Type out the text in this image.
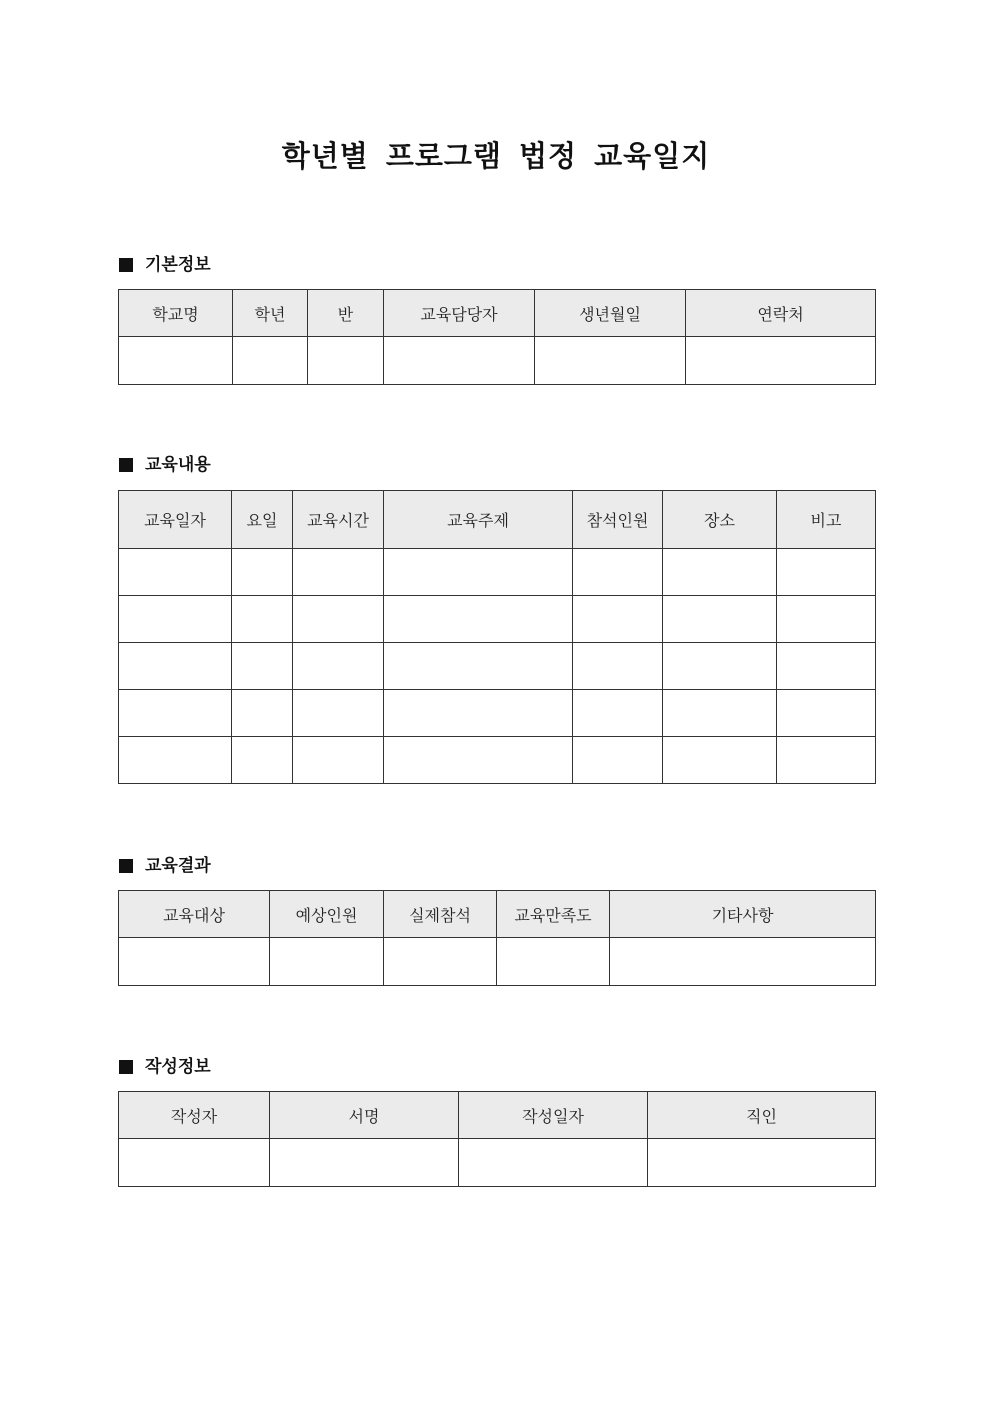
학년별 프로그램 법정 교육일지
기본정보
학교명	학년	반	교육담당자	생년월일	연락처

교육내용
교육일자	요일	교육시간	교육주제	참석인원	장소	비고

교육결과
교육대상	예상인원	실제참석	교육만족도	기타사항

작성정보
작성자	서명	작성일자	직인
